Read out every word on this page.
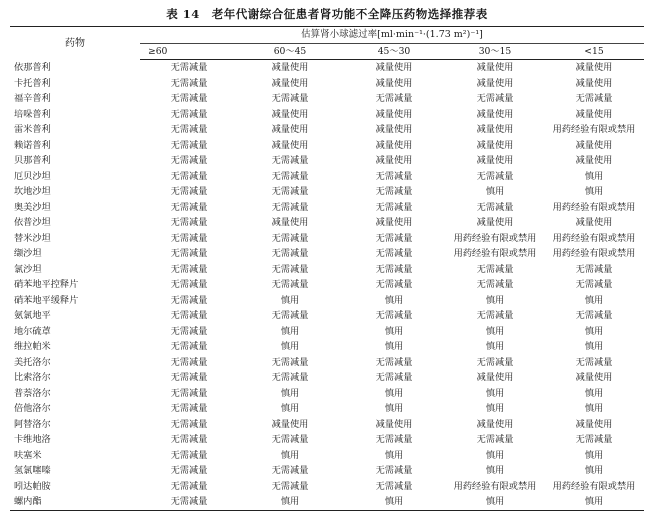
表 14 老年代谢综合征患者肾功能不全降压药物选择推荐表
药物	估算肾小球滤过率[ml·min⁻¹·(1.73 m²)⁻¹]				
	≥60	60～45	45～30	30～15	<15
依那普利	无需减量	减量使用	减量使用	减量使用	减量使用
卡托普利	无需减量	减量使用	减量使用	减量使用	减量使用
福辛普利	无需减量	无需减量	无需减量	无需减量	无需减量
培哚普利	无需减量	减量使用	减量使用	减量使用	减量使用
雷米普利	无需减量	减量使用	减量使用	减量使用	用药经验有限或禁用
赖诺普利	无需减量	减量使用	减量使用	减量使用	减量使用
贝那普利	无需减量	无需减量	减量使用	减量使用	减量使用
厄贝沙坦	无需减量	无需减量	无需减量	无需减量	慎用
坎地沙坦	无需减量	无需减量	无需减量	慎用	慎用
奥美沙坦	无需减量	无需减量	无需减量	无需减量	用药经验有限或禁用
依普沙坦	无需减量	减量使用	减量使用	减量使用	减量使用
替米沙坦	无需减量	无需减量	无需减量	用药经验有限或禁用	用药经验有限或禁用
缬沙坦	无需减量	无需减量	无需减量	用药经验有限或禁用	用药经验有限或禁用
氯沙坦	无需减量	无需减量	无需减量	无需减量	无需减量
硝苯地平控释片	无需减量	无需减量	无需减量	无需减量	无需减量
硝苯地平缓释片	无需减量	慎用	慎用	慎用	慎用
氨氯地平	无需减量	无需减量	无需减量	无需减量	无需减量
地尔硫䓬	无需减量	慎用	慎用	慎用	慎用
维拉帕米	无需减量	慎用	慎用	慎用	慎用
美托洛尔	无需减量	无需减量	无需减量	无需减量	无需减量
比索洛尔	无需减量	无需减量	无需减量	减量使用	减量使用
普萘洛尔	无需减量	慎用	慎用	慎用	慎用
倍他洛尔	无需减量	慎用	慎用	慎用	慎用
阿替洛尔	无需减量	减量使用	减量使用	减量使用	减量使用
卡维地洛	无需减量	无需减量	无需减量	无需减量	无需减量
呋塞米	无需减量	慎用	慎用	慎用	慎用
氢氯噻嗪	无需减量	无需减量	无需减量	慎用	慎用
吲达帕胺	无需减量	无需减量	无需减量	用药经验有限或禁用	用药经验有限或禁用
螺内酯	无需减量	慎用	慎用	慎用	慎用
